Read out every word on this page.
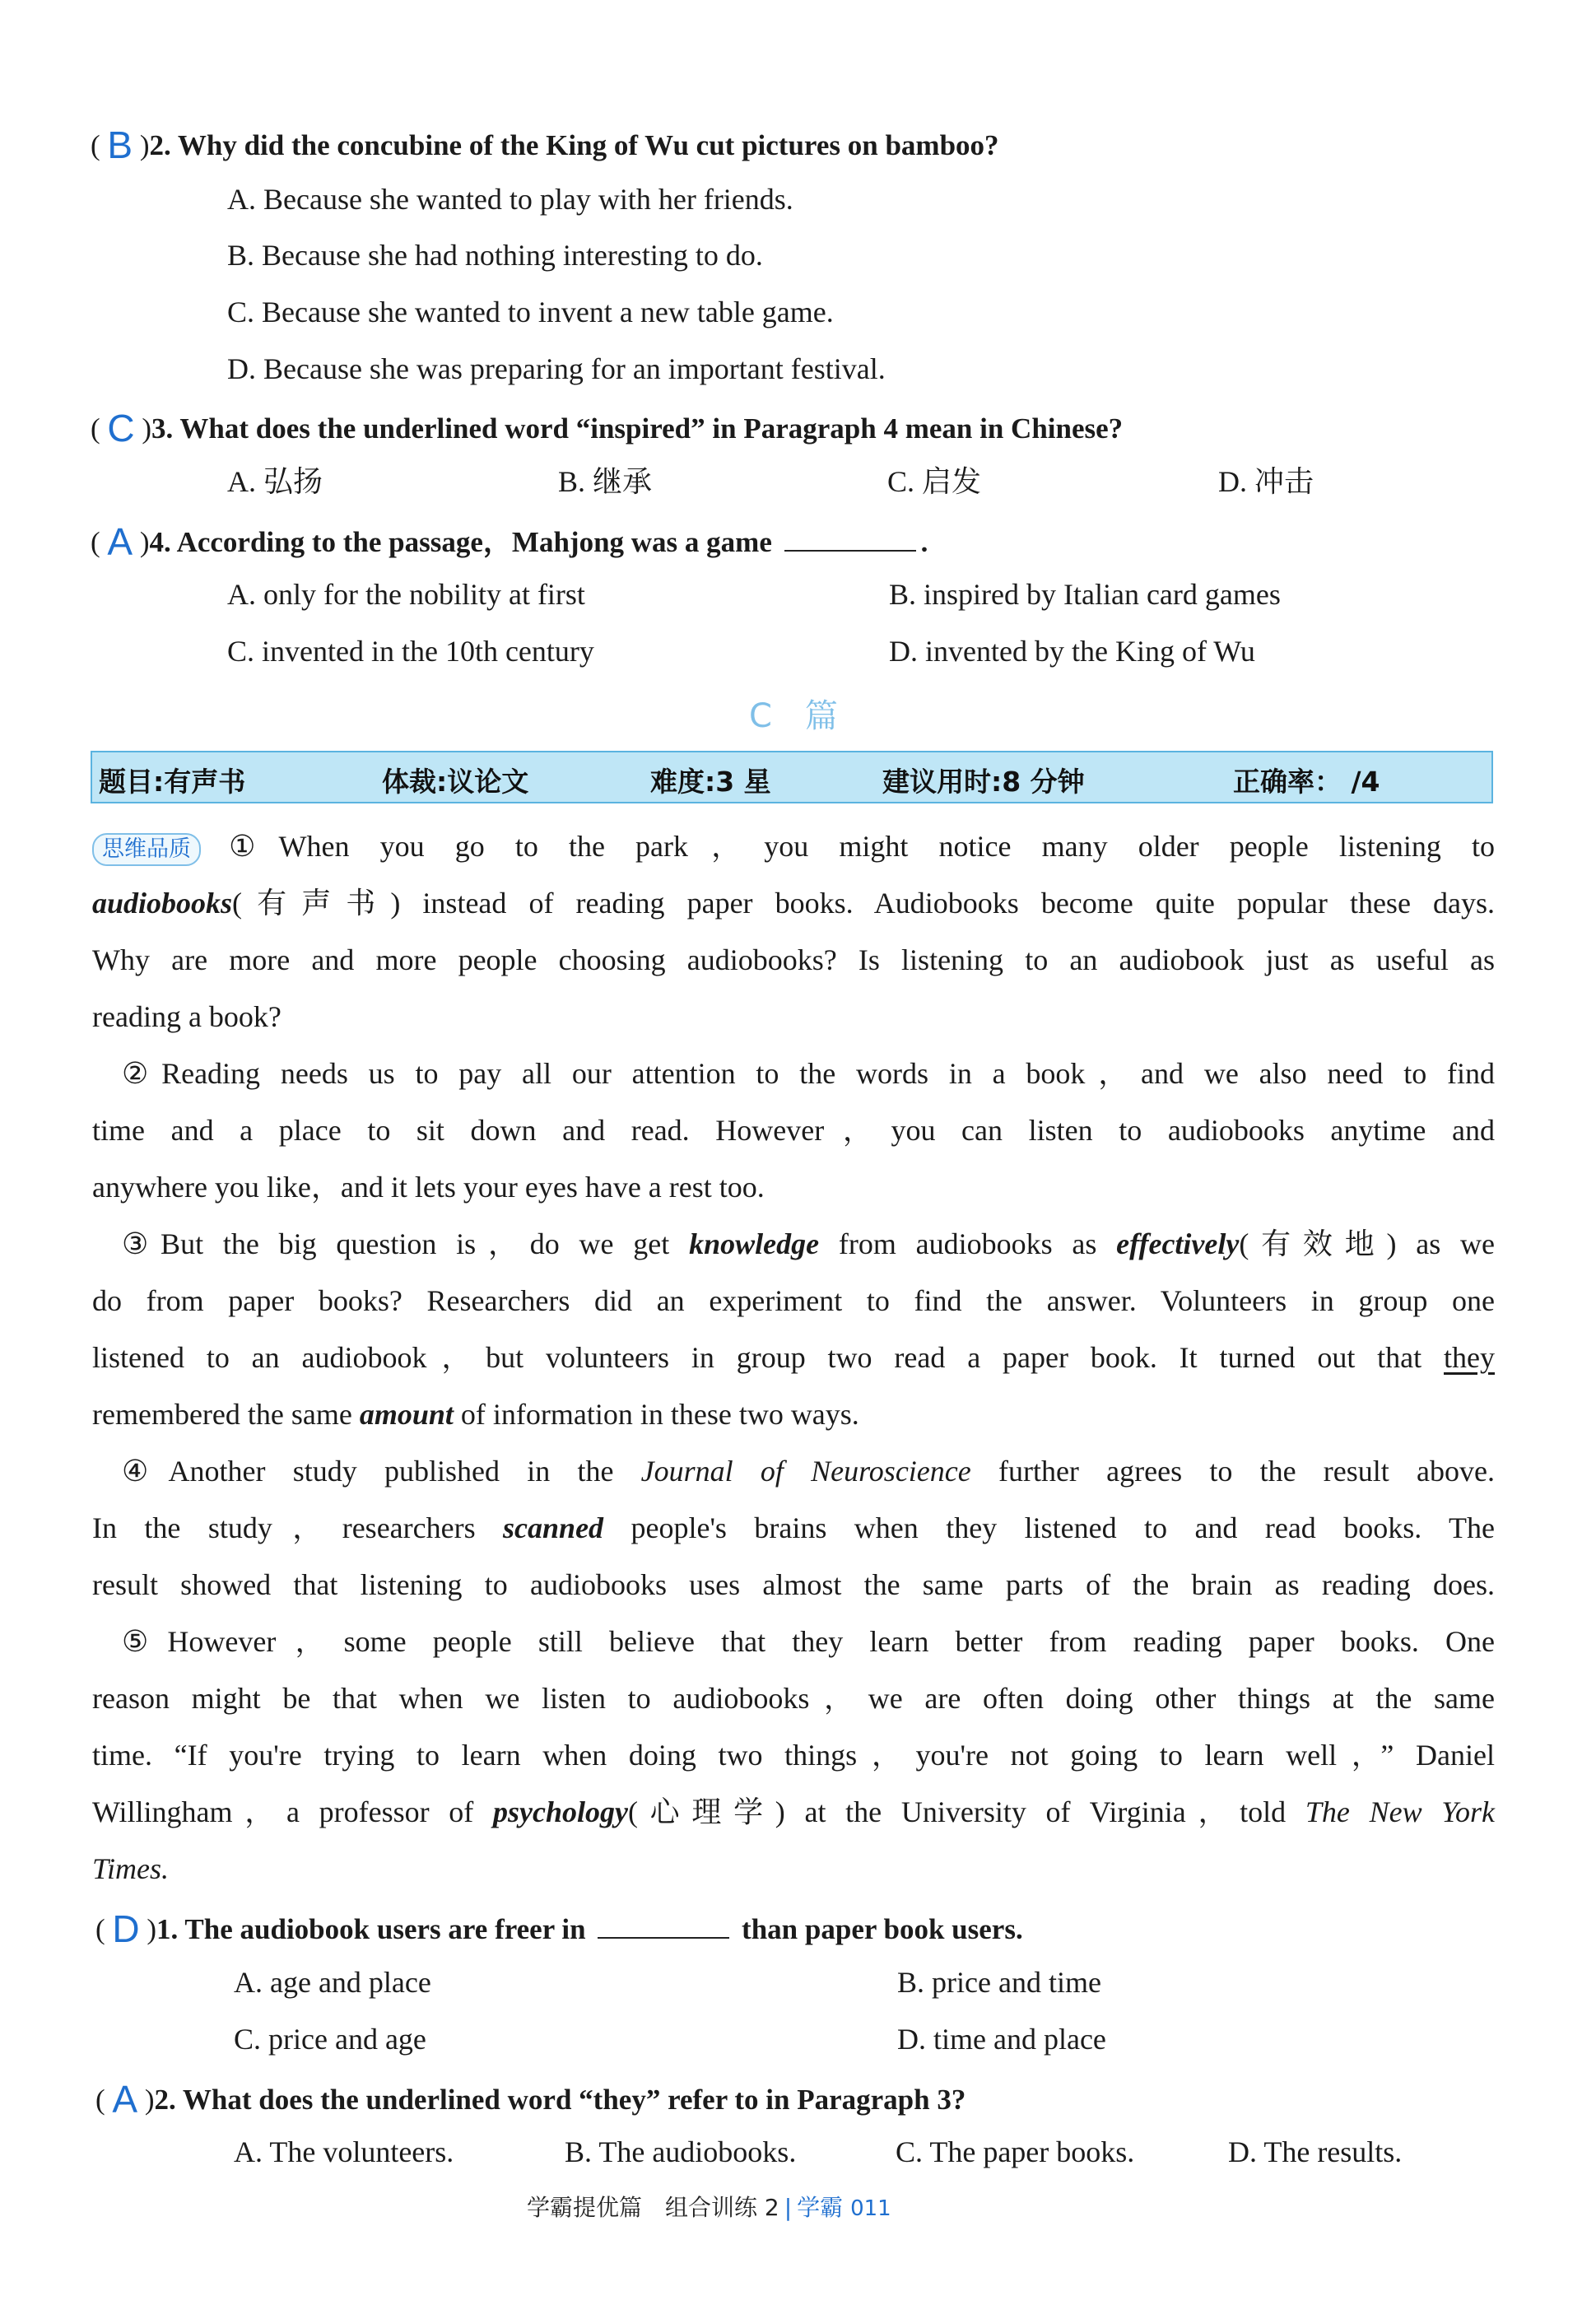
( B )2. Why did the concubine of the King of Wu cut pictures on bamboo?
A. Because she wanted to play with her friends.
B. Because she had nothing interesting to do.
C. Because she wanted to invent a new table game.
D. Because she was preparing for an important festival.
( C )3. What does the underlined word “inspired” in Paragraph 4 mean in Chinese?
A. 弘扬	B. 继承	C. 启发	D. 冲击
( A )4. According to the passage，Mahjong was a game	.
A. only for the nobility at first	B. inspired by Italian card games
C. invented in the 10th century	D. invented by the King of Wu
C篇
题目:有声书	体裁:议论文	难度:3 星	建议用时:8 分钟	正确率： /4
思维品质 ①When you go to the park，you might notice many older people listening to
audiobooks(有声书) instead of reading paper books. Audiobooks become quite popular these days.
Why are more and more people choosing audiobooks? Is listening to an audiobook just as useful as
reading a book?
②Reading needs us to pay all our attention to the words in a book，and we also need to find
time and a place to sit down and read. However，you can listen to audiobooks anytime and
anywhere you like，and it lets your eyes have a rest too.
③But the big question is，do we get knowledge from audiobooks as effectively(有效地) as we
do from paper books? Researchers did an experiment to find the answer. Volunteers in group one
listened to an audiobook，but volunteers in group two read a paper book. It turned out that they
remembered the same amount of information in these two ways.
④Another study published in the Journal of Neuroscience further agrees to the result above.
In the study，researchers scanned people's brains when they listened to and read books. The
result showed that listening to audiobooks uses almost the same parts of the brain as reading does.
⑤However，some people still believe that they learn better from reading paper books. One
reason might be that when we listen to audiobooks，we are often doing other things at the same
time. “If you're trying to learn when doing two things，you're not going to learn well，” Daniel
Willingham，a professor of psychology(心理学) at the University of Virginia，told The New York
Times.
( D )1. The audiobook users are freer in	than paper book users.
A. age and place	B. price and time
C. price and age	D. time and place
( A )2. What does the underlined word “they” refer to in Paragraph 3?
A. The volunteers.	B. The audiobooks.	C. The paper books.	D. The results.
学霸提优篇　组合训练 2 | 学霸 011
